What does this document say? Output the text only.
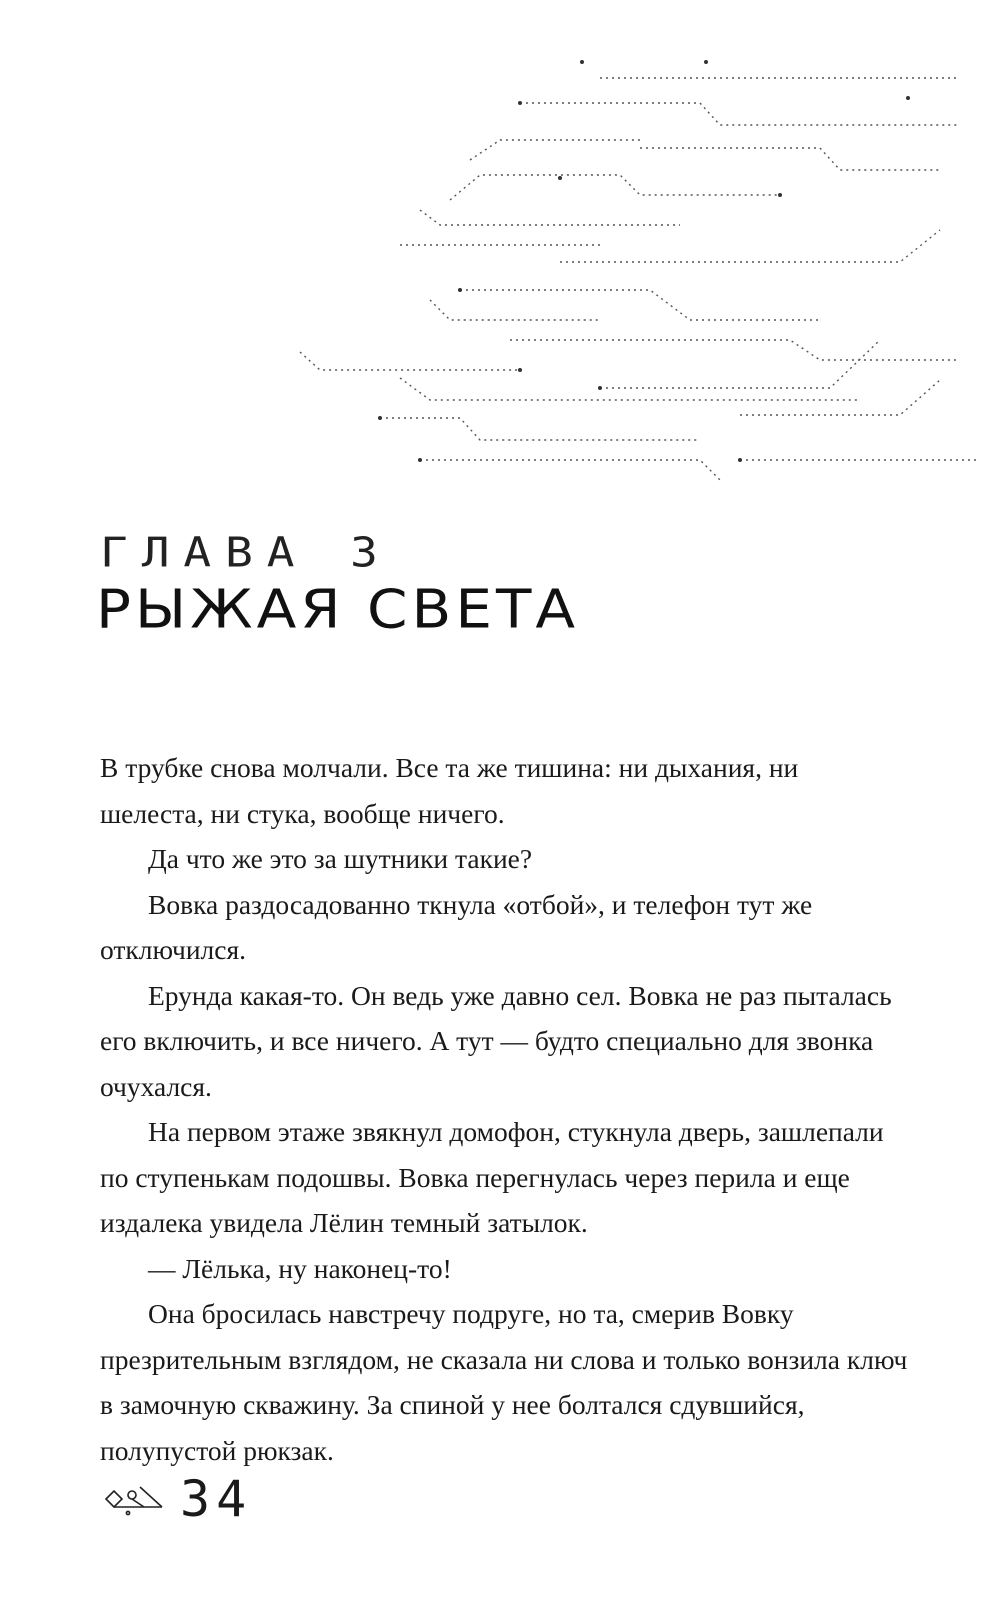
ГЛАВА 3
РЫЖАЯ СВЕТА

В трубке снова молчали. Все та же тишина: ни дыхания, ни шелеста, ни стука, вообще ничего.

Да что же это за шутники такие?

Вовка раздосадованно ткнула «отбой», и телефон тут же отключился.

Ерунда какая-то. Он ведь уже давно сел. Вовка не раз пыталась его включить, и все ничего. А тут — будто специально для звонка очухался.

На первом этаже звякнул домофон, стукнула дверь, зашлепали по ступенькам подошвы. Вовка перегнулась через перила и еще издалека увидела Лёлин темный затылок.

— Лёлька, ну наконец-то!

Она бросилась навстречу подруге, но та, смерив Вовку презрительным взглядом, не сказала ни слова и только вонзила ключ в замочную скважину. За спиной у нее болтался сдувшийся, полупустой рюкзак.

34
